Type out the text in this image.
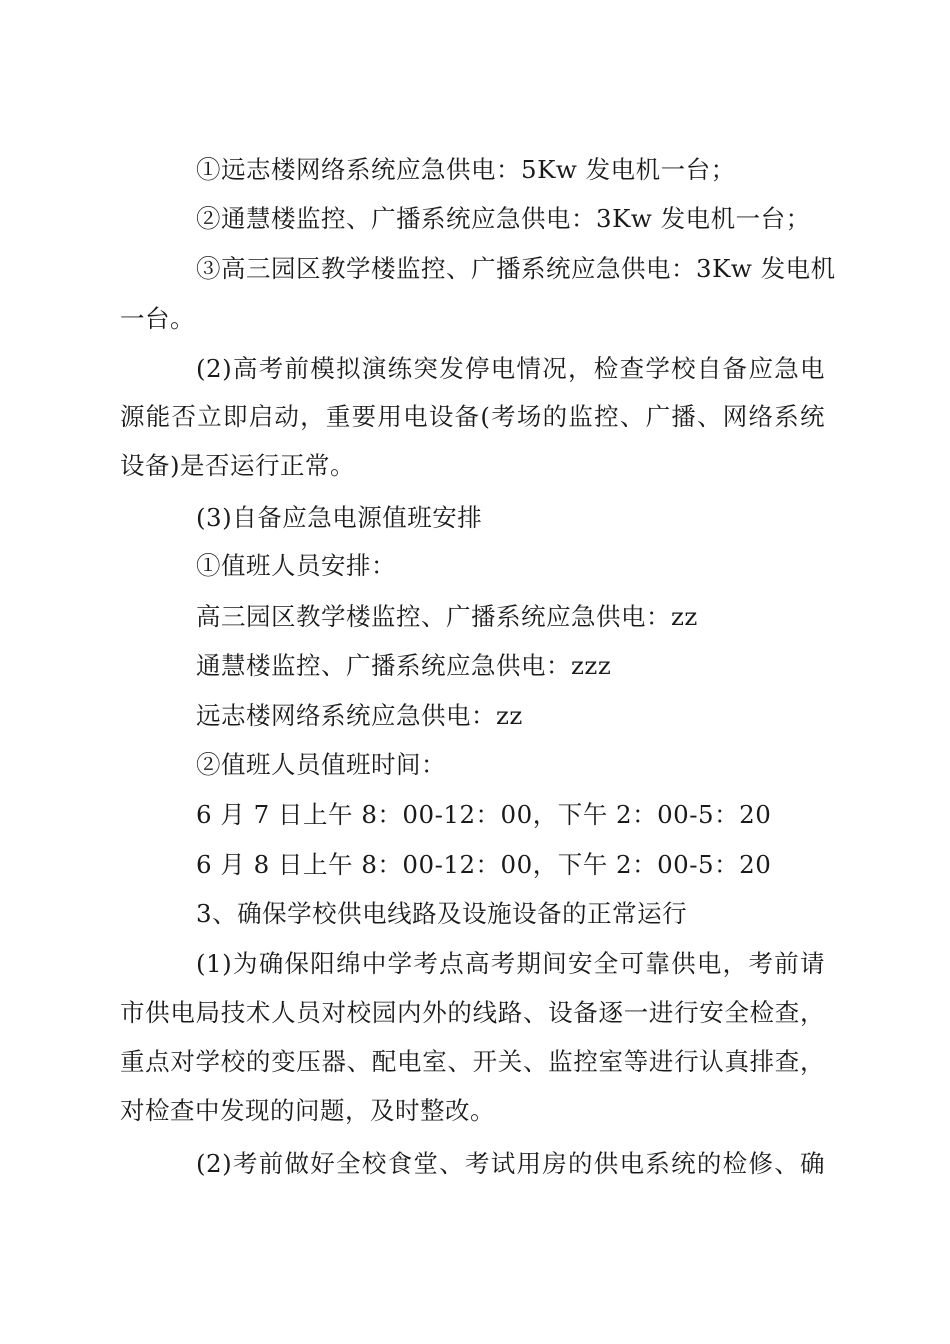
①远志楼网络系统应急供电：5Kw 发电机一台；
②通慧楼监控、广播系统应急供电：3Kw 发电机一台；
③高三园区教学楼监控、广播系统应急供电：3Kw 发电机
一台。
(2)高考前模拟演练突发停电情况，检查学校自备应急电
源能否立即启动，重要用电设备(考场的监控、广播、网络系统
设备)是否运行正常。
(3)自备应急电源值班安排
①值班人员安排：
高三园区教学楼监控、广播系统应急供电：zz
通慧楼监控、广播系统应急供电：zzz
远志楼网络系统应急供电：zz
②值班人员值班时间：
6 月 7 日上午 8：00-12：00，下午 2：00-5：20
6 月 8 日上午 8：00-12：00，下午 2：00-5：20
3、确保学校供电线路及设施设备的正常运行
(1)为确保阳绵中学考点高考期间安全可靠供电，考前请
市供电局技术人员对校园内外的线路、设备逐一进行安全检查，
重点对学校的变压器、配电室、开关、监控室等进行认真排查，
对检查中发现的问题，及时整改。
(2)考前做好全校食堂、考试用房的供电系统的检修、确
